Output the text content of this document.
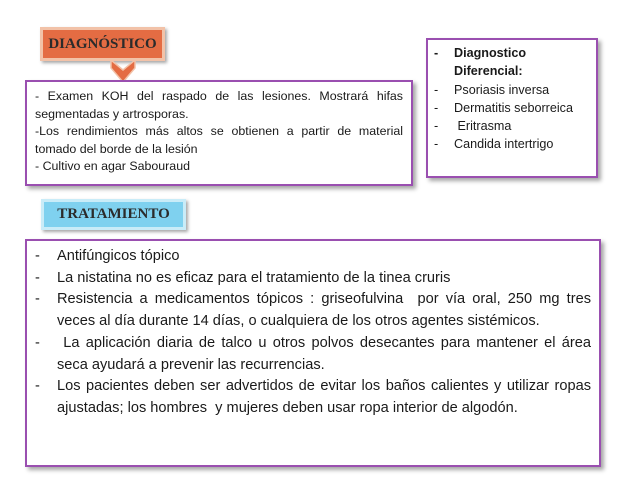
DIAGNÓSTICO

- Examen KOH del raspado de las lesiones. Mostrará hifas segmentadas y artrosporas.

-Los rendimientos más altos se obtienen a partir de material tomado del borde de la lesión

- Cultivo en agar Sabouraud

- Diagnostico Diferencial:
- Psoriasis inversa
- Dermatitis seborreica
- Eritrasma
- Candida intertrigo
TRATAMIENTO
- Antifúngicos tópico
- La nistatina no es eficaz para el tratamiento de la tinea cruris
- Resistencia a medicamentos tópicos : griseofulvina  por vía oral, 250 mg tres veces al día durante 14 días, o cualquiera de los otros agentes sistémicos.
- La aplicación diaria de talco u otros polvos desecantes para mantener el área seca ayudará a prevenir las recurrencias.
- Los pacientes deben ser advertidos de evitar los baños calientes y utilizar ropas ajustadas; los hombres  y mujeres deben usar ropa interior de algodón.
